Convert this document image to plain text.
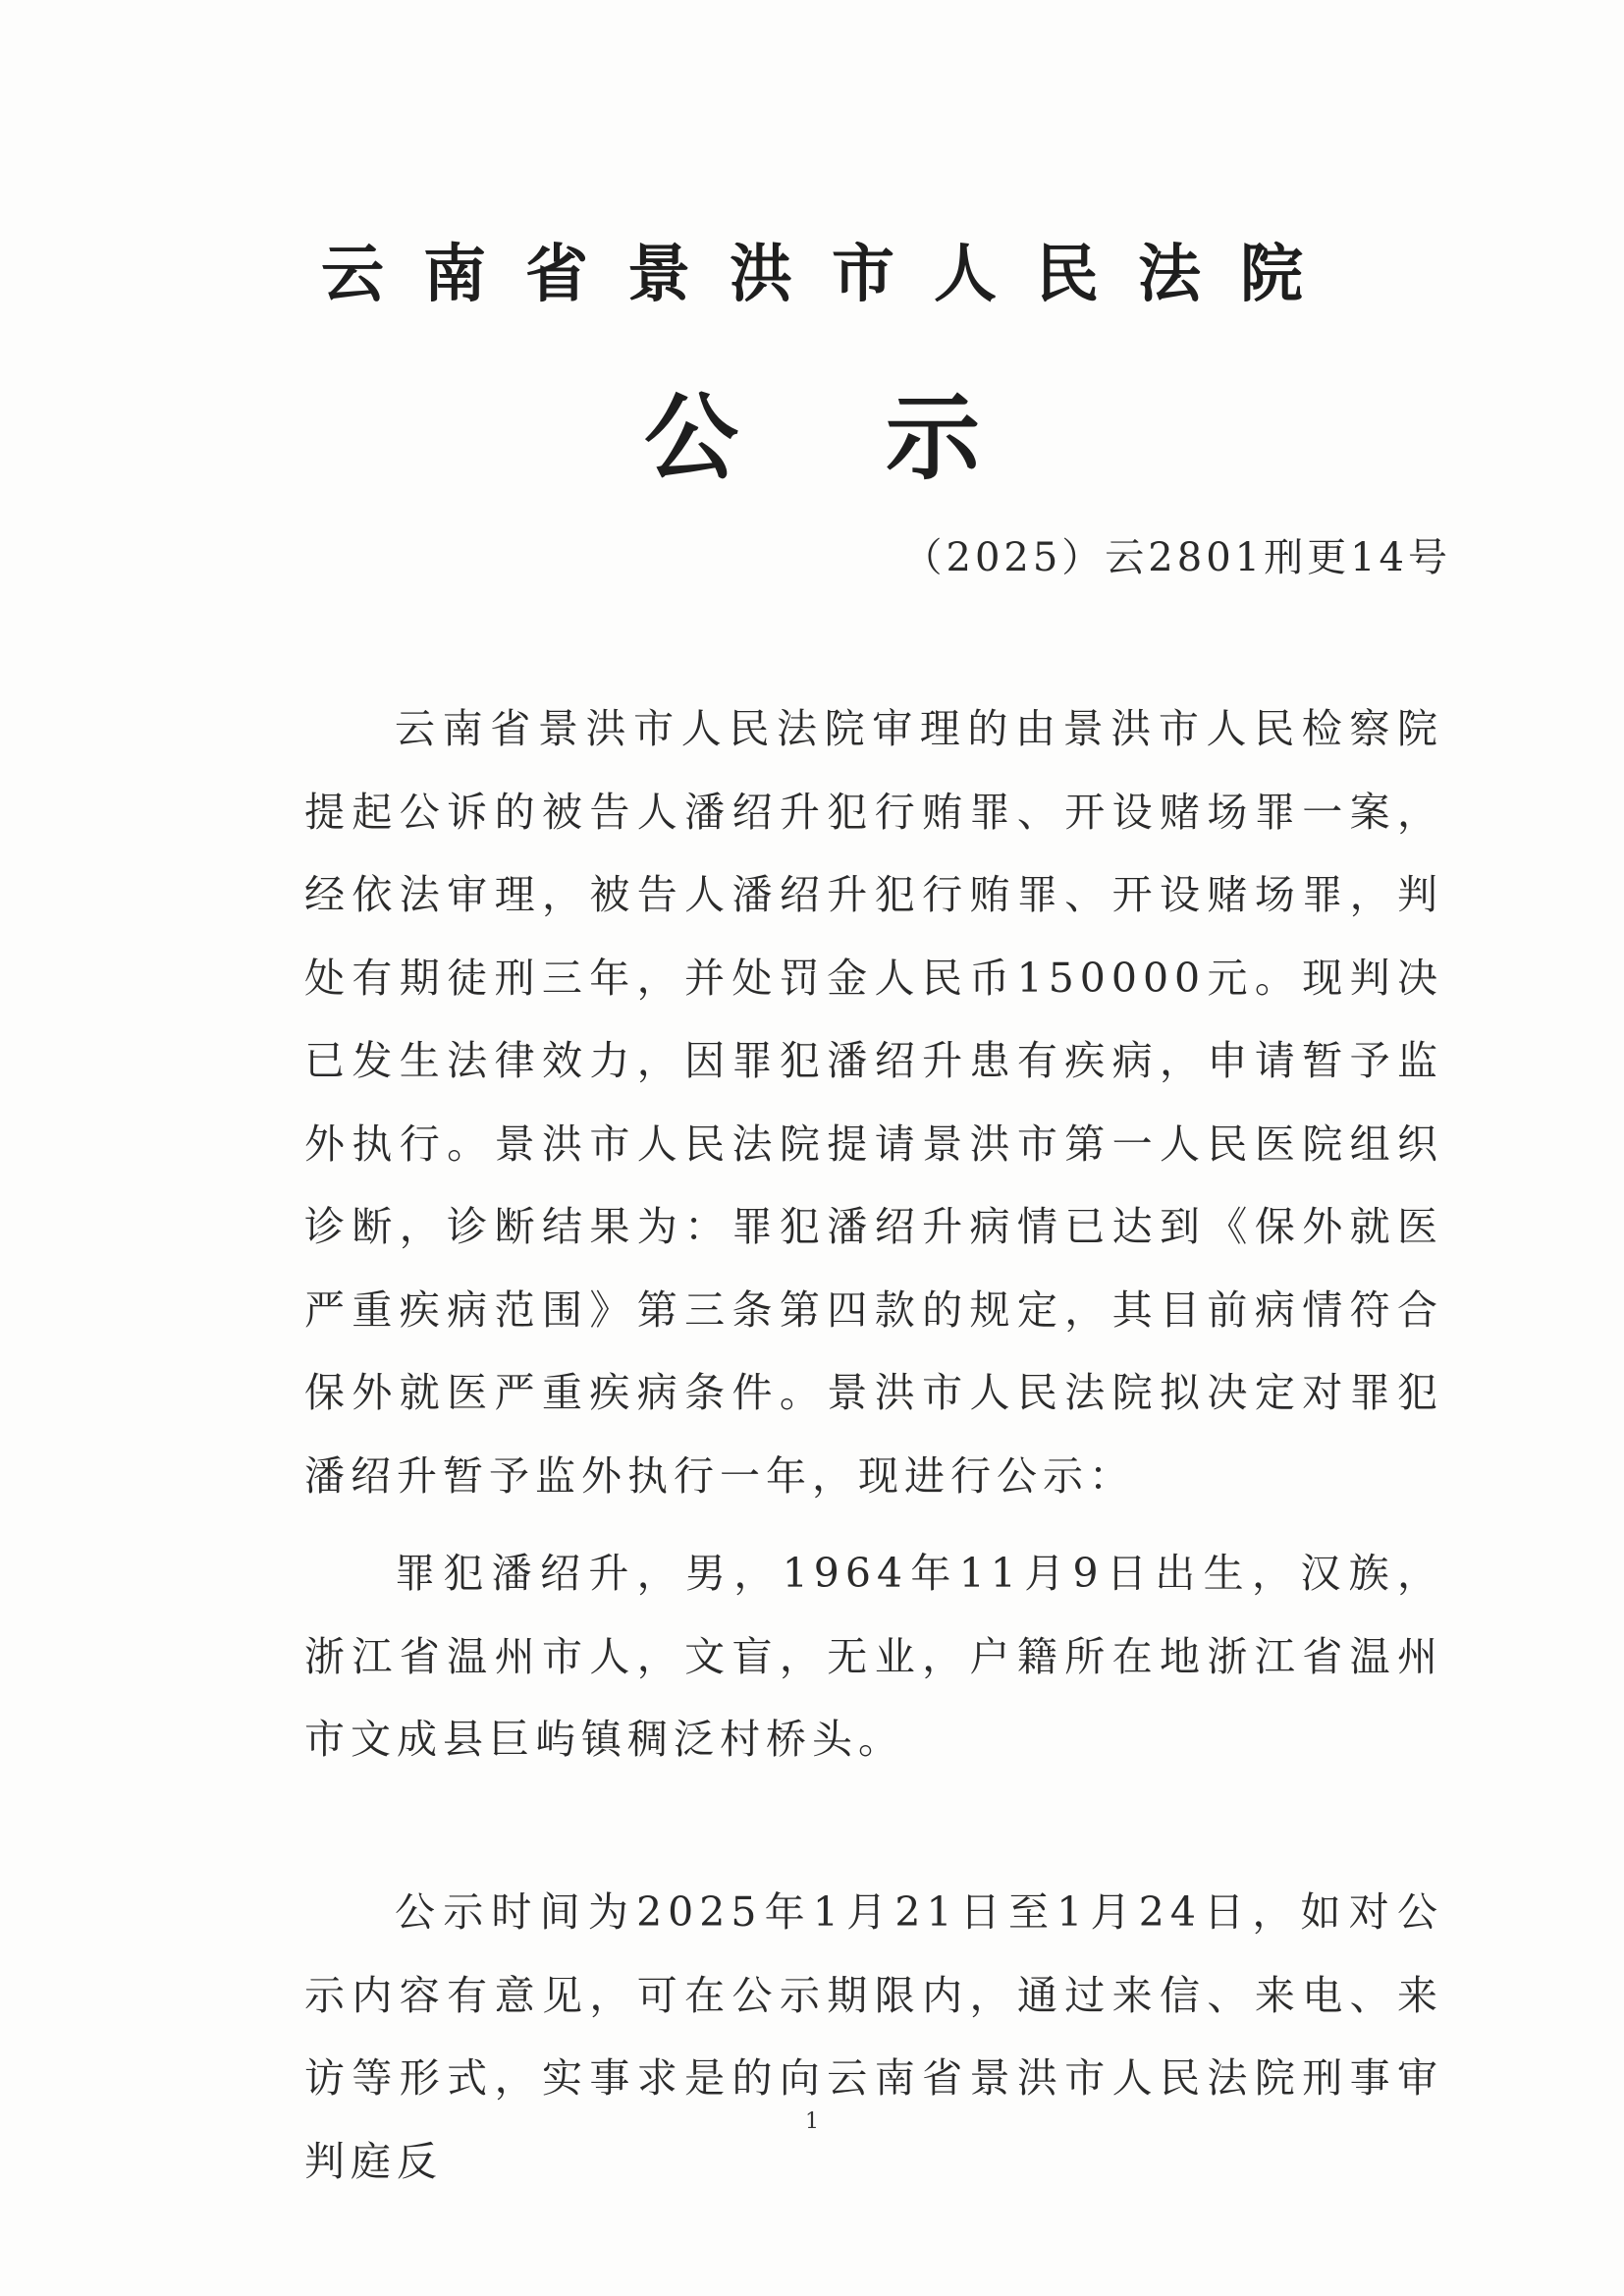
云南省景洪市人民法院
公示
（2025）云2801刑更14号

云南省景洪市人民法院审理的由景洪市人民检察院提起公诉的被告人潘绍升犯行贿罪、开设赌场罪一案，经依法审理，被告人潘绍升犯行贿罪、开设赌场罪，判处有期徒刑三年，并处罚金人民币150000元。现判决已发生法律效力，因罪犯潘绍升患有疾病，申请暂予监外执行。景洪市人民法院提请景洪市第一人民医院组织诊断，诊断结果为：罪犯潘绍升病情已达到《保外就医严重疾病范围》第三条第四款的规定，其目前病情符合保外就医严重疾病条件。景洪市人民法院拟决定对罪犯潘绍升暂予监外执行一年，现进行公示：

罪犯潘绍升，男，1964年11月9日出生，汉族，浙江省温州市人，文盲，无业，户籍所在地浙江省温州市文成县巨屿镇稠泛村桥头。

公示时间为2025年1月21日至1月24日，如对公示内容有意见，可在公示期限内，通过来信、来电、来访等形式，实事求是的向云南省景洪市人民法院刑事审判庭反

1
